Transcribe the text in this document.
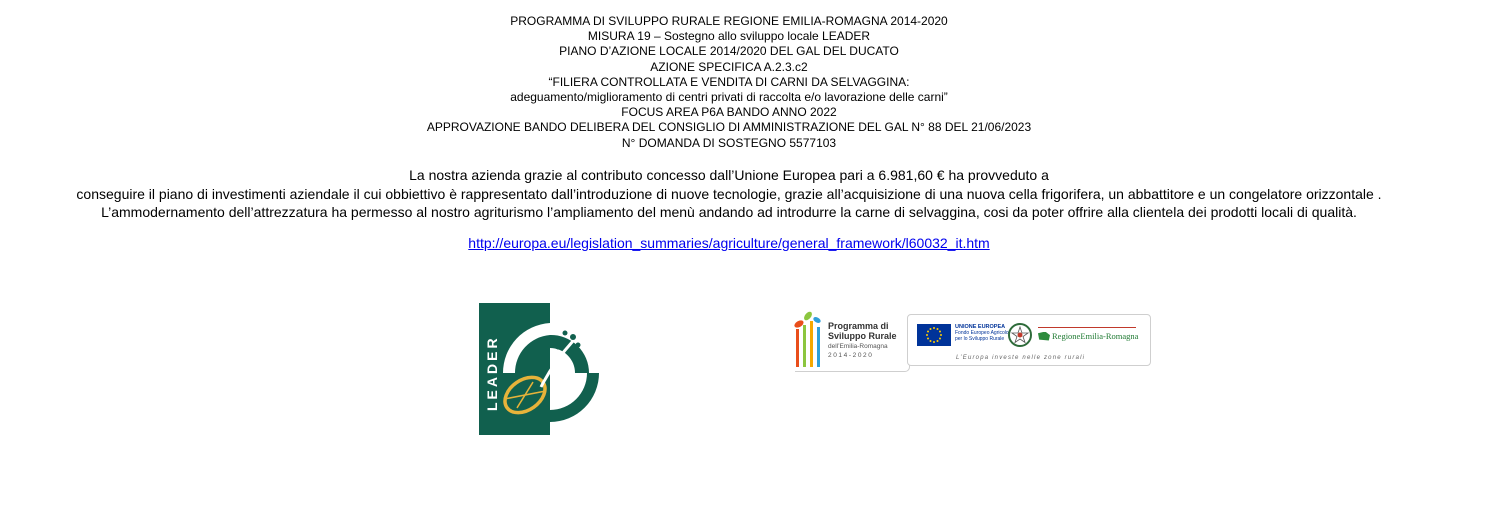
PROGRAMMA DI SVILUPPO RURALE REGIONE EMILIA-ROMAGNA 2014-2020
MISURA 19 – Sostegno allo sviluppo locale LEADER
PIANO D’AZIONE LOCALE 2014/2020 DEL GAL DEL DUCATO
AZIONE SPECIFICA A.2.3.c2
“FILIERA CONTROLLATA E VENDITA DI CARNI DA SELVAGGINA:
adeguamento/miglioramento di centri privati di raccolta e/o lavorazione delle carni”
FOCUS AREA P6A BANDO ANNO 2022
APPROVAZIONE BANDO DELIBERA DEL CONSIGLIO DI AMMINISTRAZIONE DEL GAL N° 88 DEL 21/06/2023
N° DOMANDA DI SOSTEGNO 5577103
La nostra azienda grazie al contributo concesso dall’Unione Europea pari a 6.981,60 € ha provveduto a
conseguire il piano di investimenti aziendale il cui obbiettivo è rappresentato dall’introduzione di nuove tecnologie, grazie all’acquisizione di una nuova cella frigorifera, un abbattitore e un congelatore orizzontale .
L’ammodernamento dell’attrezzatura ha permesso al nostro agriturismo l’ampliamento del menù andando ad introdurre la carne di selvaggina, cosi da poter offrire alla clientela dei prodotti locali di qualità.
http://europa.eu/legislation_summaries/agriculture/general_framework/l60032_it.htm
LEADER
Programma di
Sviluppo Rurale
dell’Emilia-Romagna
2014-2020
UNIONE EUROPEA
Fondo Europeo Agricolo
per lo Sviluppo Rurale	RegioneEmilia-Romagna
L’Europa investe nelle zone rurali
